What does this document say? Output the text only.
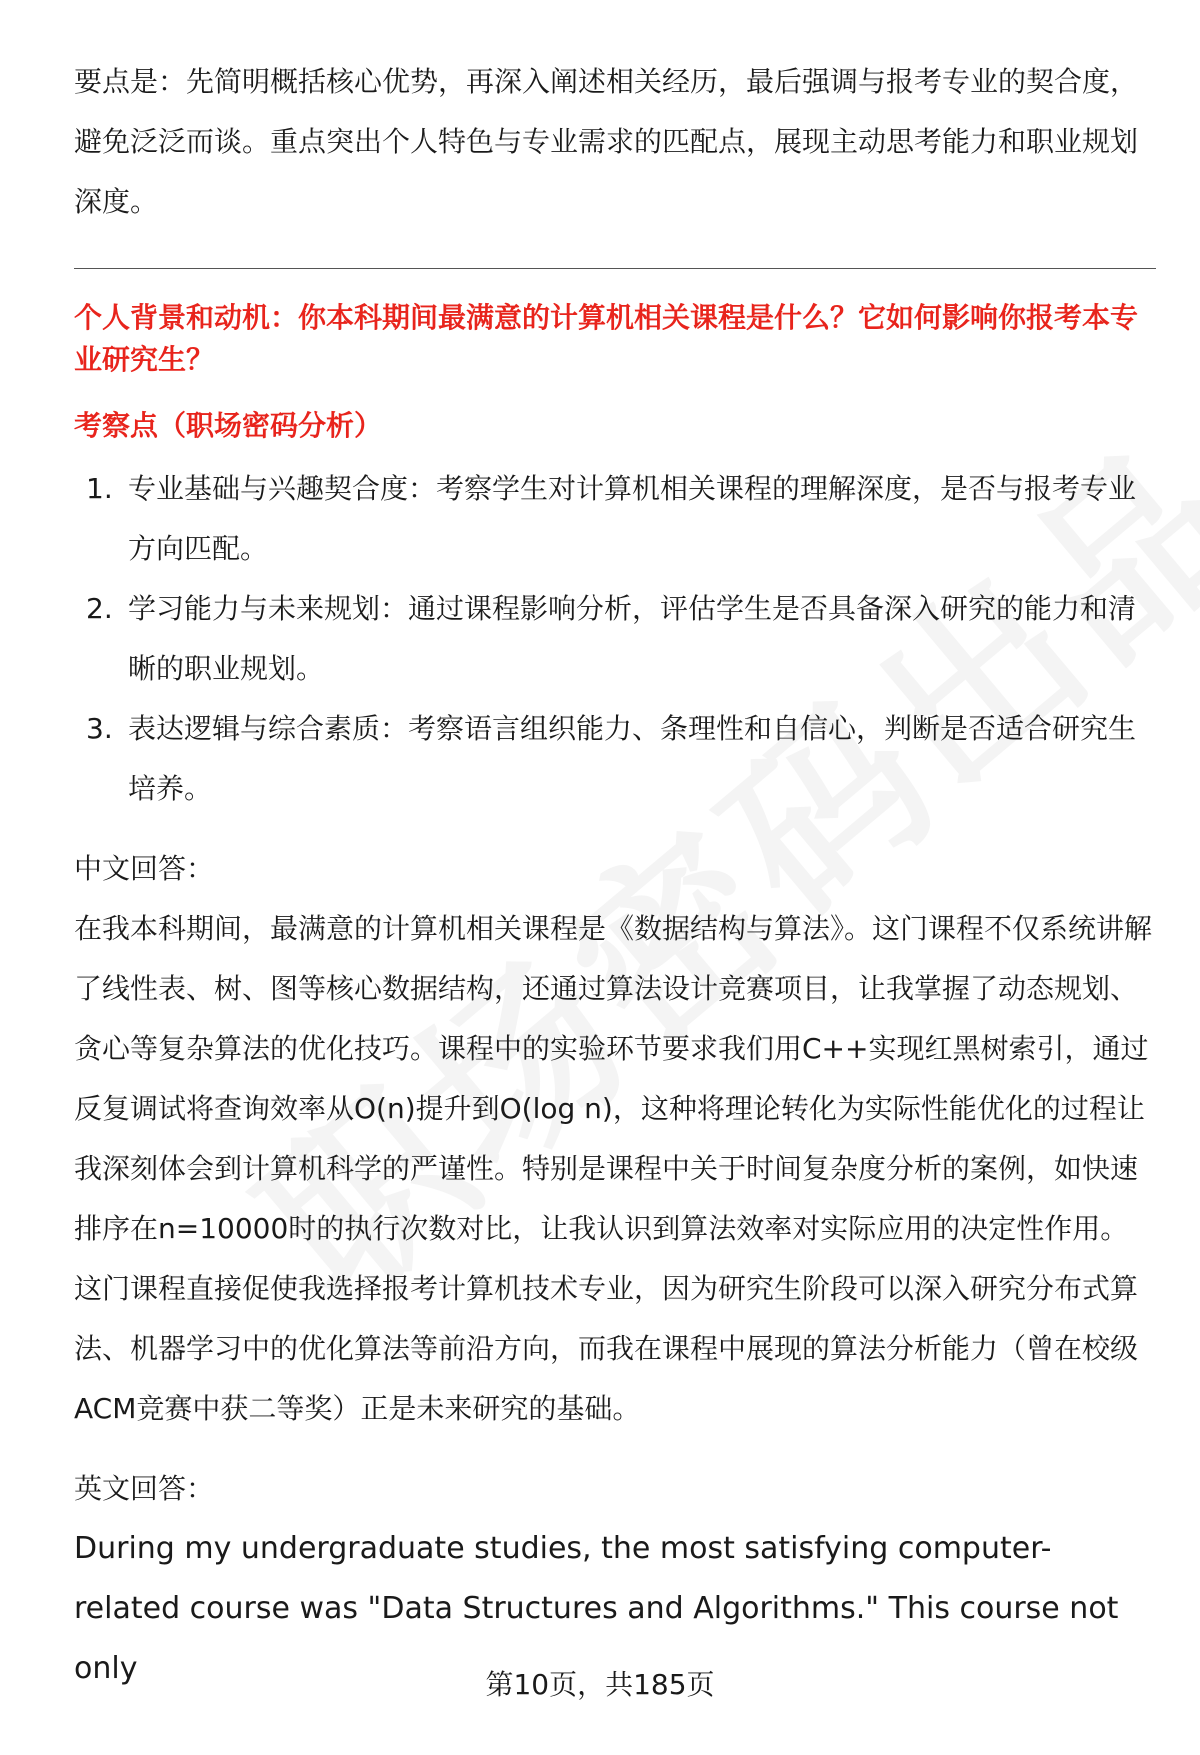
要点是：先简明概括核心优势，再深入阐述相关经历，最后强调与报考专业的契合度，避免泛泛而谈。重点突出个人特色与专业需求的匹配点，展现主动思考能力和职业规划深度。

个人背景和动机：你本科期间最满意的计算机相关课程是什么？它如何影响你报考本专业研究生？

考察点（职场密码分析）

1. 专业基础与兴趣契合度：考察学生对计算机相关课程的理解深度，是否与报考专业方向匹配。
2. 学习能力与未来规划：通过课程影响分析，评估学生是否具备深入研究的能力和清晰的职业规划。
3. 表达逻辑与综合素质：考察语言组织能力、条理性和自信心，判断是否适合研究生培养。

中文回答：

在我本科期间，最满意的计算机相关课程是《数据结构与算法》。这门课程不仅系统讲解了线性表、树、图等核心数据结构，还通过算法设计竞赛项目，让我掌握了动态规划、贪心等复杂算法的优化技巧。课程中的实验环节要求我们用C++实现红黑树索引，通过反复调试将查询效率从O(n)提升到O(log n)，这种将理论转化为实际性能优化的过程让我深刻体会到计算机科学的严谨性。特别是课程中关于时间复杂度分析的案例，如快速排序在n=10000时的执行次数对比，让我认识到算法效率对实际应用的决定性作用。这门课程直接促使我选择报考计算机技术专业，因为研究生阶段可以深入研究分布式算法、机器学习中的优化算法等前沿方向，而我在课程中展现的算法分析能力（曾在校级ACM竞赛中获二等奖）正是未来研究的基础。

英文回答：

During my undergraduate studies, the most satisfying computer-related course was "Data Structures and Algorithms." This course not only	第10页，共185页
